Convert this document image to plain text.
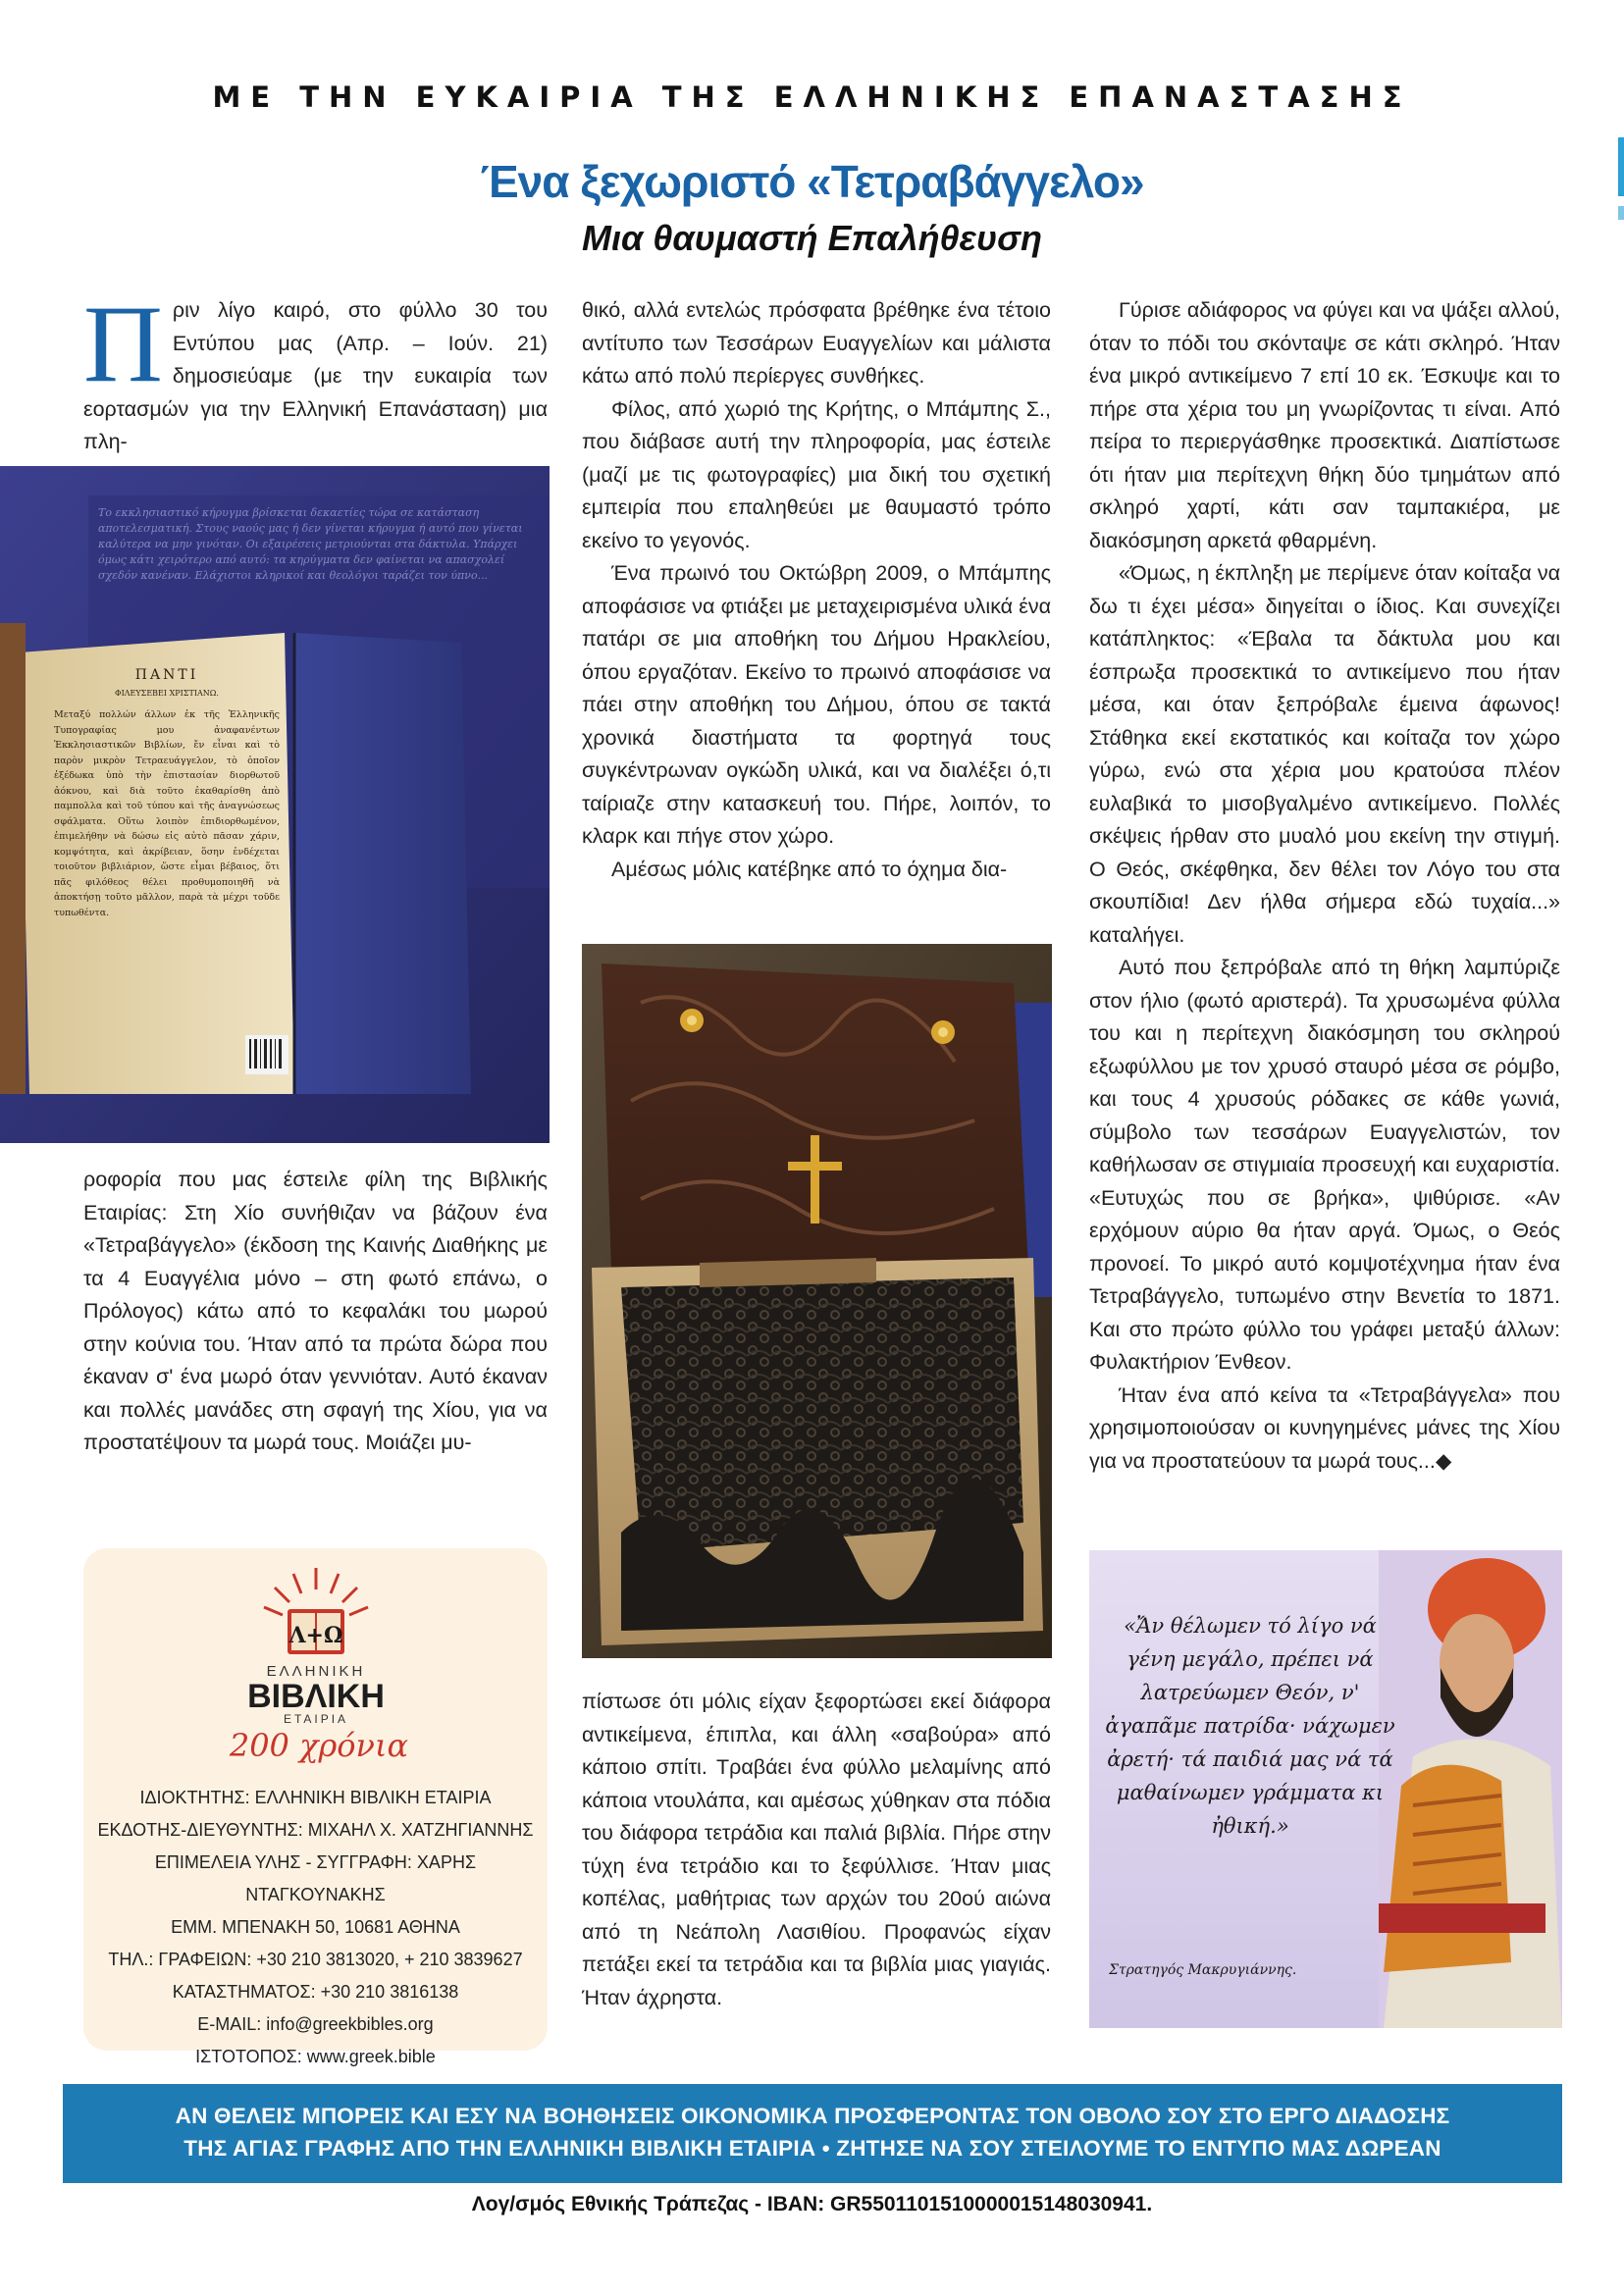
ΜΕ ΤΗΝ ΕΥΚΑΙΡΙΑ ΤΗΣ ΕΛΛΗΝΙΚΗΣ ΕΠΑΝΑΣΤΑΣΗΣ
Ένα ξεχωριστό «Τετραβάγγελο»
Μια θαυμαστή Επαλήθευση
Π ριν λίγο καιρό, στο φύλλο 30 του Εντύπου μας (Απρ. – Ιούν. 21) δημοσιεύαμε (με την ευκαιρία των εορτασμών για την Ελληνική Επανάσταση) μια πλη-

Το εκκλησιαστικό κήρυγμα βρίσκεται δεκαετίες τώρα σε κατάσταση αποτελεσματική. Στους ναούς μας ή δεν γίνεται κήρυγμα ή αυτό που γίνεται καλύτερα να μην γινόταν. Οι εξαιρέσεις μετριούνται στα δάκτυλα. Υπάρχει όμως κάτι χειρότερο από αυτό: τα κηρύγματα δεν φαίνεται να απασχολεί σχεδόν κανέναν. Ελάχιστοι κληρικοί και θεολόγοι ταράζει τον ύπνο...
ΠΑΝΤΙ
ΦΙΛΕΥΣΕΒΕΙ ΧΡΙΣΤΙΑΝΩ.
Μεταξύ πολλών άλλων ἐκ τῆς Ἑλληνικῆς Τυπογραφίας μου ἀναφανέντων Ἐκκλησιαστικῶν Βιβλίων, ἔν εἶναι καὶ τὸ παρὸν μικρὸν Τετραευάγγελον, τὸ ὁποῖον ἐξέδωκα ὑπὸ τὴν ἐπιστασίαν διορθωτοῦ ἀόκνου, καὶ διὰ τοῦτο ἐκαθαρίσθη ἀπὸ παμπολλα καὶ τοῦ τύπου καὶ τῆς ἀναγνώσεως σφάλματα. Οὕτω λοιπὸν ἐπιδιορθωμένον, ἐπιμελήθην νὰ δώσω εἰς αὐτὸ πᾶσαν χάριν, κομψότητα, καὶ ἀκρίβειαν, ὅσην ἐνδέχεται τοιοῦτον βιβλιάριον, ὥστε εἶμαι βέβαιος, ὅτι πᾶς φιλόθεος θέλει προθυμοποιηθῆ νὰ ἀποκτήσῃ τοῦτο μᾶλλον, παρὰ τὰ μέχρι τοῦδε τυπωθέντα.

ροφορία που μας έστειλε φίλη της Βιβλικής Εταιρίας: Στη Χίο συνήθιζαν να βάζουν ένα «Τετραβάγγελο» (έκδοση της Καινής Διαθήκης με τα 4 Ευαγγέλια μόνο – στη φωτό επάνω, ο Πρόλογος) κάτω από το κεφαλάκι του μωρού στην κούνια του. Ήταν από τα πρώτα δώρα που έκαναν σ' ένα μωρό όταν γεννιόταν. Αυτό έκαναν και πολλές μανάδες στη σφαγή της Χίου, για να προστατέψουν τα μωρά τους. Μοιάζει μυ-

Λ+Ω
ΕΛΛΗΝΙΚΗ
ΒΙΒΛΙΚΗ
ΕΤΑΙΡΙΑ
200 χρόνια
ΙΔΙΟΚΤΗΤΗΣ: ΕΛΛΗΝΙΚΗ ΒΙΒΛΙΚΗ ΕΤΑΙΡΙΑ
ΕΚΔΟΤΗΣ-ΔΙΕΥΘΥΝΤΗΣ: ΜΙΧΑΗΛ Χ. ΧΑΤΖΗΓΙΑΝΝΗΣ
ΕΠΙΜΕΛΕΙΑ ΥΛΗΣ - ΣΥΓΓΡΑΦΗ: ΧΑΡΗΣ ΝΤΑΓΚΟΥΝΑΚΗΣ
ΕΜΜ. ΜΠΕΝΑΚΗ 50, 10681 ΑΘΗΝΑ
ΤΗΛ.: ΓΡΑΦΕΙΩΝ: +30 210 3813020, + 210 3839627
ΚΑΤΑΣΤΗΜΑΤΟΣ: +30 210 3816138
E-MAIL: info@greekbibles.org
ΙΣΤΟΤΟΠΟΣ: www.greek.bible

θικό, αλλά εντελώς πρόσφατα βρέθηκε ένα τέτοιο αντίτυπο των Τεσσάρων Ευαγγελίων και μάλιστα κάτω από πολύ περίεργες συνθήκες.

Φίλος, από χωριό της Κρήτης, ο Μπάμπης Σ., που διάβασε αυτή την πληροφορία, μας έστειλε (μαζί με τις φωτογραφίες) μια δική του σχετική εμπειρία που επαληθεύει με θαυμαστό τρόπο εκείνο το γεγονός.

Ένα πρωινό του Οκτώβρη 2009, ο Μπάμπης αποφάσισε να φτιάξει με μεταχειρισμένα υλικά ένα πατάρι σε μια αποθήκη του Δήμου Ηρακλείου, όπου εργαζόταν. Εκείνο το πρωινό αποφάσισε να πάει στην αποθήκη του Δήμου, όπου σε τακτά χρονικά διαστήματα τα φορτηγά τους συγκέντρωναν ογκώδη υλικά, και να διαλέξει ό,τι ταίριαζε στην κατασκευή του. Πήρε, λοιπόν, το κλαρκ και πήγε στον χώρο.

Αμέσως μόλις κατέβηκε από το όχημα δια-

πίστωσε ότι μόλις είχαν ξεφορτώσει εκεί διάφορα αντικείμενα, έπιπλα, και άλλη «σαβούρα» από κάποιο σπίτι. Τραβάει ένα φύλλο μελαμίνης από κάποια ντουλάπα, και αμέσως χύθηκαν στα πόδια του διάφορα τετράδια και παλιά βιβλία. Πήρε στην τύχη ένα τετράδιο και το ξεφύλλισε. Ήταν μιας κοπέλας, μαθήτριας των αρχών του 20ού αιώνα από τη Νεάπολη Λασιθίου. Προφανώς είχαν πετάξει εκεί τα τετράδια και τα βιβλία μιας γιαγιάς. Ήταν άχρηστα.

Γύρισε αδιάφορος να φύγει και να ψάξει αλλού, όταν το πόδι του σκόνταψε σε κάτι σκληρό. Ήταν ένα μικρό αντικείμενο 7 επί 10 εκ. Έσκυψε και το πήρε στα χέρια του μη γνωρίζοντας τι είναι. Από πείρα το περιεργάσθηκε προσεκτικά. Διαπίστωσε ότι ήταν μια περίτεχνη θήκη δύο τμημάτων από σκληρό χαρτί, κάτι σαν ταμπακιέρα, με διακόσμηση αρκετά φθαρμένη.

«Όμως, η έκπληξη με περίμενε όταν κοίταξα να δω τι έχει μέσα» διηγείται ο ίδιος. Και συνεχίζει κατάπληκτος: «Έβαλα τα δάκτυλα μου και έσπρωξα προσεκτικά το αντικείμενο που ήταν μέσα, και όταν ξεπρόβαλε έμεινα άφωνος! Στάθηκα εκεί εκστατικός και κοίταζα τον χώρο γύρω, ενώ στα χέρια μου κρατούσα πλέον ευλαβικά το μισοβγαλμένο αντικείμενο. Πολλές σκέψεις ήρθαν στο μυαλό μου εκείνη την στιγμή. Ο Θεός, σκέφθηκα, δεν θέλει τον Λόγο του στα σκουπίδια! Δεν ήλθα σήμερα εδώ τυχαία...» καταλήγει.

Αυτό που ξεπρόβαλε από τη θήκη λαμπύριζε στον ήλιο (φωτό αριστερά). Τα χρυσωμένα φύλλα του και η περίτεχνη διακόσμηση του σκληρού εξωφύλλου με τον χρυσό σταυρό μέσα σε ρόμβο, και τους 4 χρυσούς ρόδακες σε κάθε γωνιά, σύμβολο των τεσσάρων Ευαγγελιστών, τον καθήλωσαν σε στιγμιαία προσευχή και ευχαριστία. «Ευτυχώς που σε βρήκα», ψιθύρισε. «Αν ερχόμουν αύριο θα ήταν αργά. Όμως, ο Θεός προνοεί. Το μικρό αυτό κομψοτέχνημα ήταν ένα Τετραβάγγελο, τυπωμένο στην Βενετία το 1871. Και στο πρώτο φύλλο του γράφει μεταξύ άλλων: Φυλακτήριον Ένθεον.

Ήταν ένα από κείνα τα «Τετραβάγγελα» που χρησιμοποιούσαν οι κυνηγημένες μάνες της Χίου για να προστατεύουν τα μωρά τους...◆

«Ἄν θέλωμεν τό λίγο νά γένη μεγάλο, πρέπει νά λατρεύωμεν Θεόν, ν' ἀγαπᾶμε πατρίδα· νάχωμεν ἀρετή· τά παιδιά μας νά τά μαθαίνωμεν γράμματα κι ἠθική.»
Στρατηγός Μακρυγιάννης.
ΑΝ ΘΕΛΕΙΣ ΜΠΟΡΕΙΣ ΚΑΙ ΕΣΥ ΝΑ ΒΟΗΘΗΣΕΙΣ ΟΙΚΟΝΟΜΙΚΑ ΠΡΟΣΦΕΡΟΝΤΑΣ ΤΟΝ ΟΒΟΛΟ ΣΟΥ ΣΤΟ ΕΡΓΟ ΔΙΑΔΟΣΗΣ
ΤΗΣ ΑΓΙΑΣ ΓΡΑΦΗΣ ΑΠΟ ΤΗΝ ΕΛΛΗΝΙΚΗ ΒΙΒΛΙΚΗ ΕΤΑΙΡΙΑ • ΖΗΤΗΣΕ ΝΑ ΣΟΥ ΣΤΕΙΛΟΥΜΕ ΤΟ ΕΝΤΥΠΟ ΜΑΣ ΔΩΡΕΑΝ
Λογ/σμός Εθνικής Τράπεζας - IBAN: GR5501101510000015148030941.
